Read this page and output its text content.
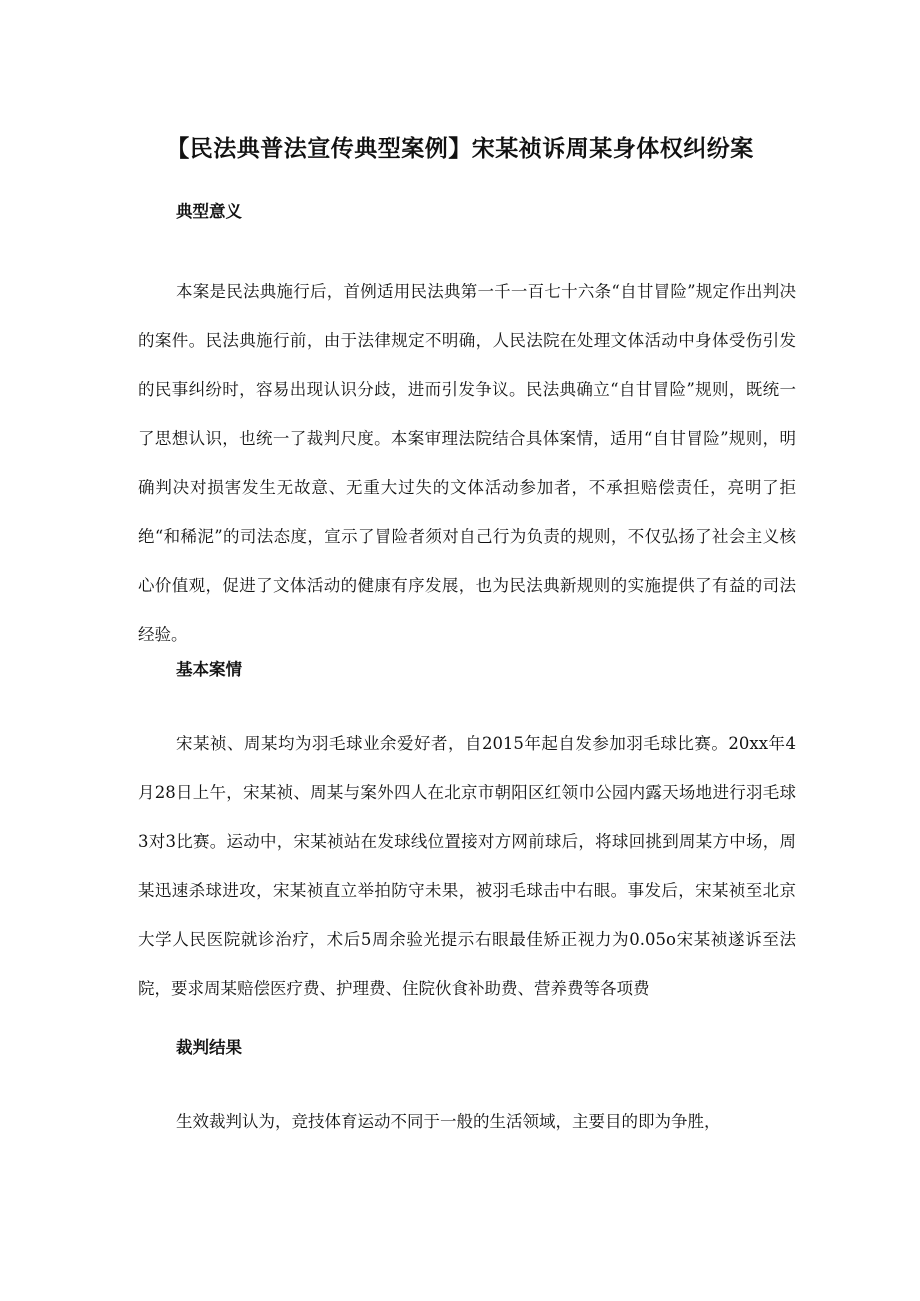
【民法典普法宣传典型案例】宋某祯诉周某身体权纠纷案
典型意义

本案是民法典施行后，首例适用民法典第一千一百七十六条“自甘冒险”规定作出判决的案件。民法典施行前，由于法律规定不明确，人民法院在处理文体活动中身体受伤引发的民事纠纷时，容易出现认识分歧，进而引发争议。民法典确立“自甘冒险”规则，既统一了思想认识，也统一了裁判尺度。本案审理法院结合具体案情，适用“自甘冒险”规则，明确判决对损害发生无故意、无重大过失的文体活动参加者，不承担赔偿责任，亮明了拒绝“和稀泥”的司法态度，宣示了冒险者须对自己行为负责的规则，不仅弘扬了社会主义核心价值观，促进了文体活动的健康有序发展，也为民法典新规则的实施提供了有益的司法经验。

基本案情

宋某祯、周某均为羽毛球业余爱好者，自2015年起自发参加羽毛球比赛。20xx年4月28日上午，宋某祯、周某与案外四人在北京市朝阳区红领巾公园内露天场地进行羽毛球3对3比赛。运动中，宋某祯站在发球线位置接对方网前球后，将球回挑到周某方中场，周某迅速杀球进攻，宋某祯直立举拍防守未果，被羽毛球击中右眼。事发后，宋某祯至北京大学人民医院就诊治疗，术后5周余验光提示右眼最佳矫正视力为0.05o宋某祯遂诉至法院，要求周某赔偿医疗费、护理费、住院伙食补助费、营养费等各项费

裁判结果

生效裁判认为，竞技体育运动不同于一般的生活领域，主要目的即为争胜，
